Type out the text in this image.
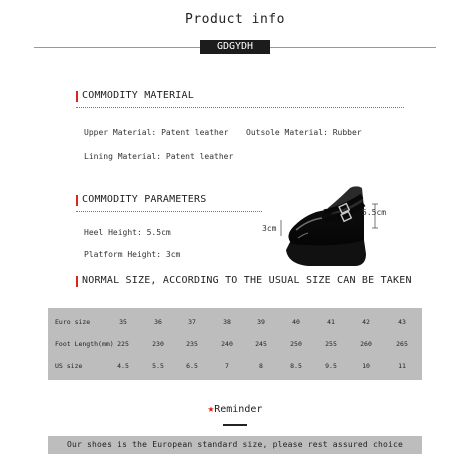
Product info
GDGYDH
COMMODITY MATERIAL
Upper Material: Patent leather Outsole Material: Rubber
Lining Material: Patent leather
COMMODITY PARAMETERS
Heel Height: 5.5cm
Platform Height: 3cm
5.5cm
3cm
NORMAL SIZE, ACCORDING TO THE USUAL SIZE CAN BE TAKEN
Euro size	35	36	37	38	39	40	41	42	43
Foot Length(mm) 225	230	235	240	245	250	255	260	265
US size	4.5	5.5	6.5	7	8	8.5	9.5	10	11
★Reminder
Our shoes is the European standard size, please rest assured choice
